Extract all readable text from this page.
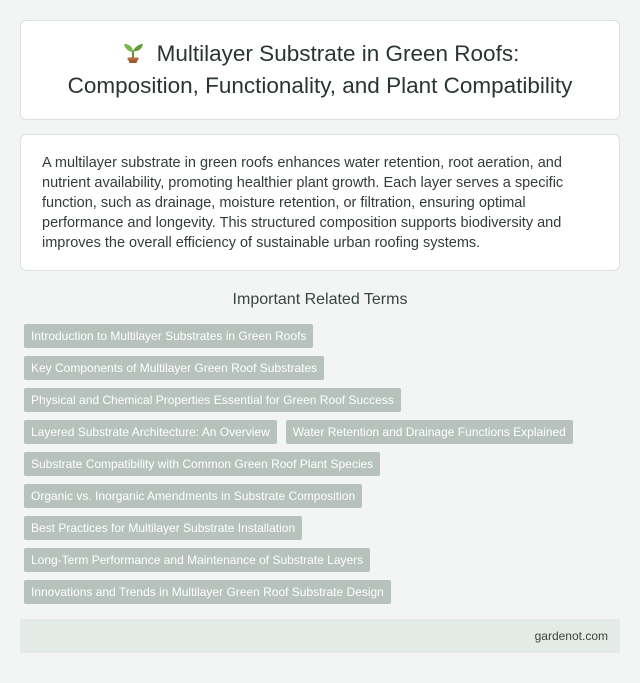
Multilayer Substrate in Green Roofs:
Composition, Functionality, and Plant Compatibility

A multilayer substrate in green roofs enhances water retention, root aeration, and nutrient availability, promoting healthier plant growth. Each layer serves a specific function, such as drainage, moisture retention, or filtration, ensuring optimal performance and longevity. This structured composition supports biodiversity and improves the overall efficiency of sustainable urban roofing systems.

Important Related Terms
Introduction to Multilayer Substrates in Green Roofs
Key Components of Multilayer Green Roof Substrates
Physical and Chemical Properties Essential for Green Roof Success
Layered Substrate Architecture: An Overview	Water Retention and Drainage Functions Explained
Substrate Compatibility with Common Green Roof Plant Species
Organic vs. Inorganic Amendments in Substrate Composition
Best Practices for Multilayer Substrate Installation
Long-Term Performance and Maintenance of Substrate Layers
Innovations and Trends in Multilayer Green Roof Substrate Design
gardenot.com
